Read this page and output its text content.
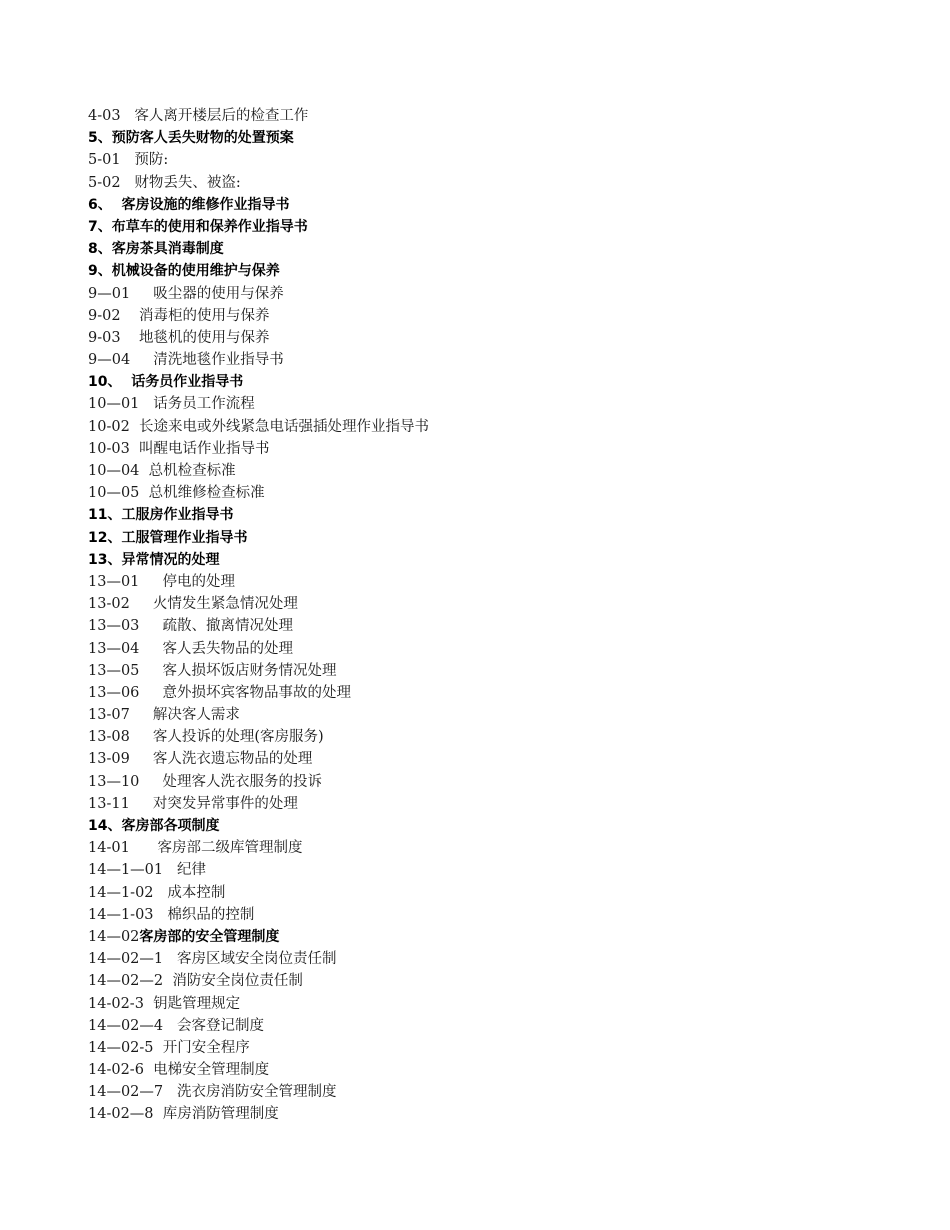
4-03 客人离开楼层后的检查工作
5、预防客人丢失财物的处置预案
5-01 预防:
5-02 财物丢失、被盗:
6、 客房设施的维修作业指导书
7、布草车的使用和保养作业指导书
8、客房茶具消毒制度
9、机械设备的使用维护与保养
9—01 吸尘器的使用与保养
9-02 消毒柜的使用与保养
9-03 地毯机的使用与保养
9—04 清洗地毯作业指导书
10、 话务员作业指导书
10—01 话务员工作流程
10-02 长途来电或外线紧急电话强插处理作业指导书
10-03 叫醒电话作业指导书
10—04 总机检查标准
10—05 总机维修检查标准
11、工服房作业指导书
12、工服管理作业指导书
13、异常情况的处理
13—01 停电的处理
13-02 火情发生紧急情况处理
13—03 疏散、撤离情况处理
13—04 客人丢失物品的处理
13—05 客人损坏饭店财务情况处理
13—06 意外损坏宾客物品事故的处理
13-07 解决客人需求
13-08 客人投诉的处理(客房服务)
13-09 客人洗衣遗忘物品的处理
13—10 处理客人洗衣服务的投诉
13-11 对突发异常事件的处理
14、客房部各项制度
14-01 客房部二级库管理制度
14—1—01 纪律
14—1-02 成本控制
14—1-03 棉织品的控制
14—02客房部的安全管理制度
14—02—1 客房区域安全岗位责任制
14—02—2 消防安全岗位责任制
14-02-3 钥匙管理规定
14—02—4 会客登记制度
14—02-5 开门安全程序
14-02-6 电梯安全管理制度
14—02—7 洗衣房消防安全管理制度
14-02—8 库房消防管理制度
